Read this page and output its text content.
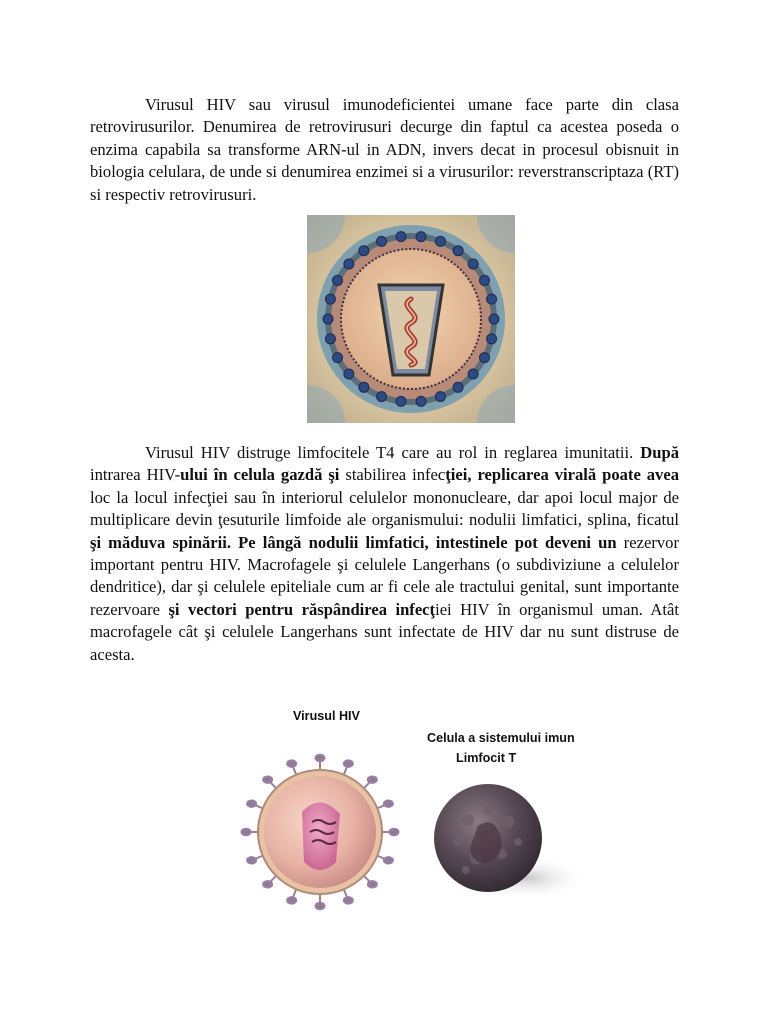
Virusul HIV sau virusul imunodeficientei umane face parte din clasa retrovirusurilor. Denumirea de retrovirusuri decurge din faptul ca acestea poseda o enzima capabila sa transforme ARN-ul in ADN, invers decat in procesul obisnuit in biologia celulara, de unde si denumirea enzimei si a virusurilor: reverstranscriptaza (RT) si respectiv retrovirusuri.

Virusul HIV distruge limfocitele T4 care au rol in reglarea imunitatii. După intrarea HIV-ului în celula gazdă şi stabilirea infecţiei, replicarea virală poate avea loc la locul infecţiei sau în interiorul celulelor mononucleare, dar apoi locul major de multiplicare devin ţesuturile limfoide ale organismului: nodulii limfatici, splina, ficatul şi măduva spinării. Pe lângă nodulii limfatici, intestinele pot deveni un rezervor important pentru HIV. Macrofagele şi celulele Langerhans (o subdiviziune a celulelor dendritice), dar şi celulele epiteliale cum ar fi cele ale tractului genital, sunt importante rezervoare şi vectori pentru răspândirea infecţiei HIV în organismul uman. Atât macrofagele cât şi celulele Langerhans sunt infectate de HIV dar nu sunt distruse de acesta.

Virusul HIV
Celula a sistemului imun
Limfocit T
